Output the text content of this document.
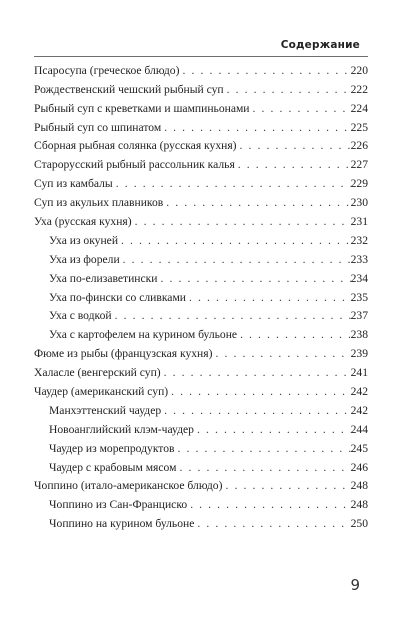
Содержание
Псаросупа (греческое блюдо) . . .	220
Рождественский чешский рыбный суп . . .	222
Рыбный суп с креветками и шампиньонами . . .	224
Рыбный суп со шпинатом . . .	225
Сборная рыбная солянка (русская кухня) . . .	226
Старорусский рыбный рассольник калья . . .	227
Суп из камбалы . . .	229
Суп из акульих плавников . . .	230
Уха (русская кухня) . . .	231
Уха из окуней . . .	232
Уха из форели . . .	233
Уха по-елизаветински . . .	234
Уха по-фински со сливками . . .	235
Уха с водкой . . .	237
Уха с картофелем на курином бульоне . . .	238
Фюме из рыбы (французская кухня) . . .	239
Халасле (венгерский суп) . . .	241
Чаудер (американский суп) . . .	242
Манхэттенский чаудер . . .	242
Новоанглийский клэм-чаудер . . .	244
Чаудер из морепродуктов . . .	245
Чаудер с крабовым мясом . . .	246
Чоппино (итало-американское блюдо) . . .	248
Чоппино из Сан-Франциско . . .	248
Чоппино на курином бульоне . . .	250
9
